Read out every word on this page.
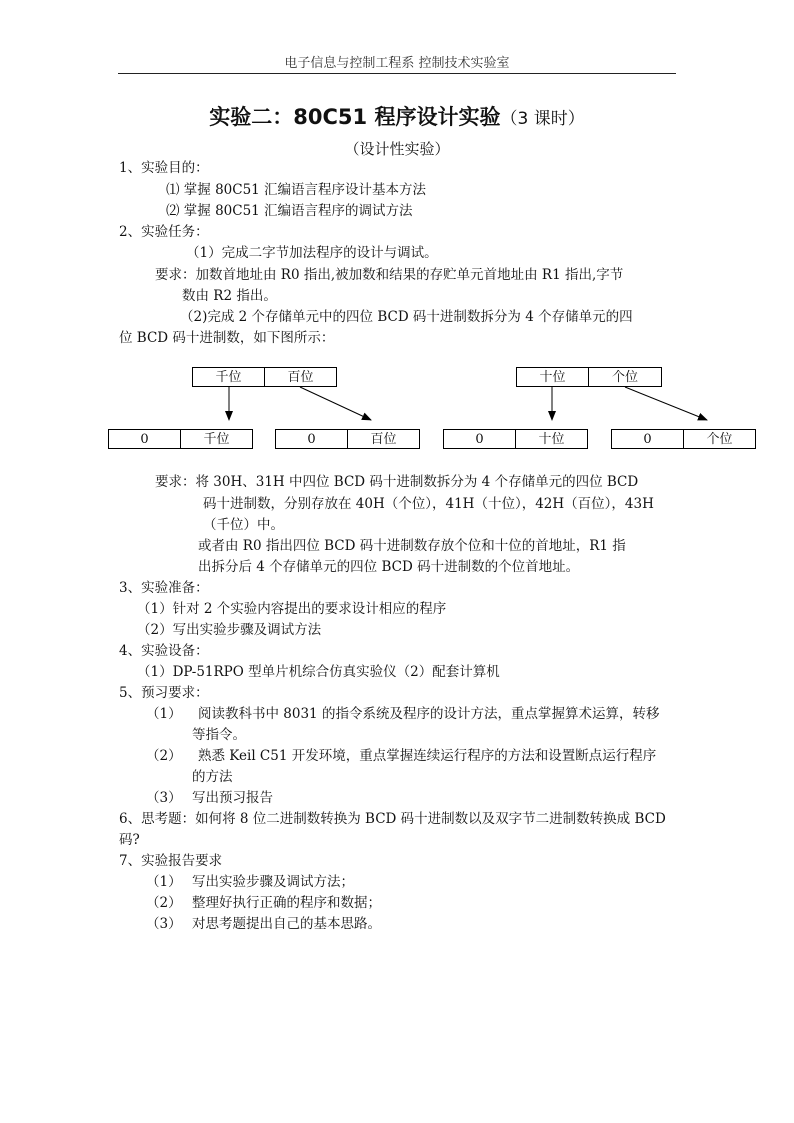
电子信息与控制工程系 控制技术实验室
实验二：80C51 程序设计实验（3 课时）
（设计性实验）
1、实验目的：
⑴ 掌握 80C51 汇编语言程序设计基本方法
⑵ 掌握 80C51 汇编语言程序的调试方法
2、实验任务：
（1）完成二字节加法程序的设计与调试。
要求：加数首地址由 R0 指出,被加数和结果的存贮单元首地址由 R1 指出,字节
数由 R2 指出。
（2)完成 2 个存储单元中的四位 BCD 码十进制数拆分为 4 个存储单元的四
位 BCD 码十进制数，如下图所示：
千位	百位	十位	个位
0	千位	0	百位	0	十位	0	个位
要求：将 30H、31H 中四位 BCD 码十进制数拆分为 4 个存储单元的四位 BCD
码十进制数，分别存放在 40H（个位），41H（十位），42H（百位），43H
（千位）中。
或者由 R0 指出四位 BCD 码十进制数存放个位和十位的首地址，R1 指
出拆分后 4 个存储单元的四位 BCD 码十进制数的个位首地址。
3、实验准备：
（1）针对 2 个实验内容提出的要求设计相应的程序
（2）写出实验步骤及调试方法
4、实验设备：
（1）DP-51RPO 型单片机综合仿真实验仪（2）配套计算机
5、预习要求：
（1） 阅读教科书中 8031 的指令系统及程序的设计方法，重点掌握算术运算，转移
等指令。
（2） 熟悉 Keil C51 开发环境，重点掌握连续运行程序的方法和设置断点运行程序
的方法
（3） 写出预习报告
6、思考题：如何将 8 位二进制数转换为 BCD 码十进制数以及双字节二进制数转换成 BCD
码?
7、实验报告要求
（1） 写出实验步骤及调试方法；
（2） 整理好执行正确的程序和数据；
（3） 对思考题提出自己的基本思路。
